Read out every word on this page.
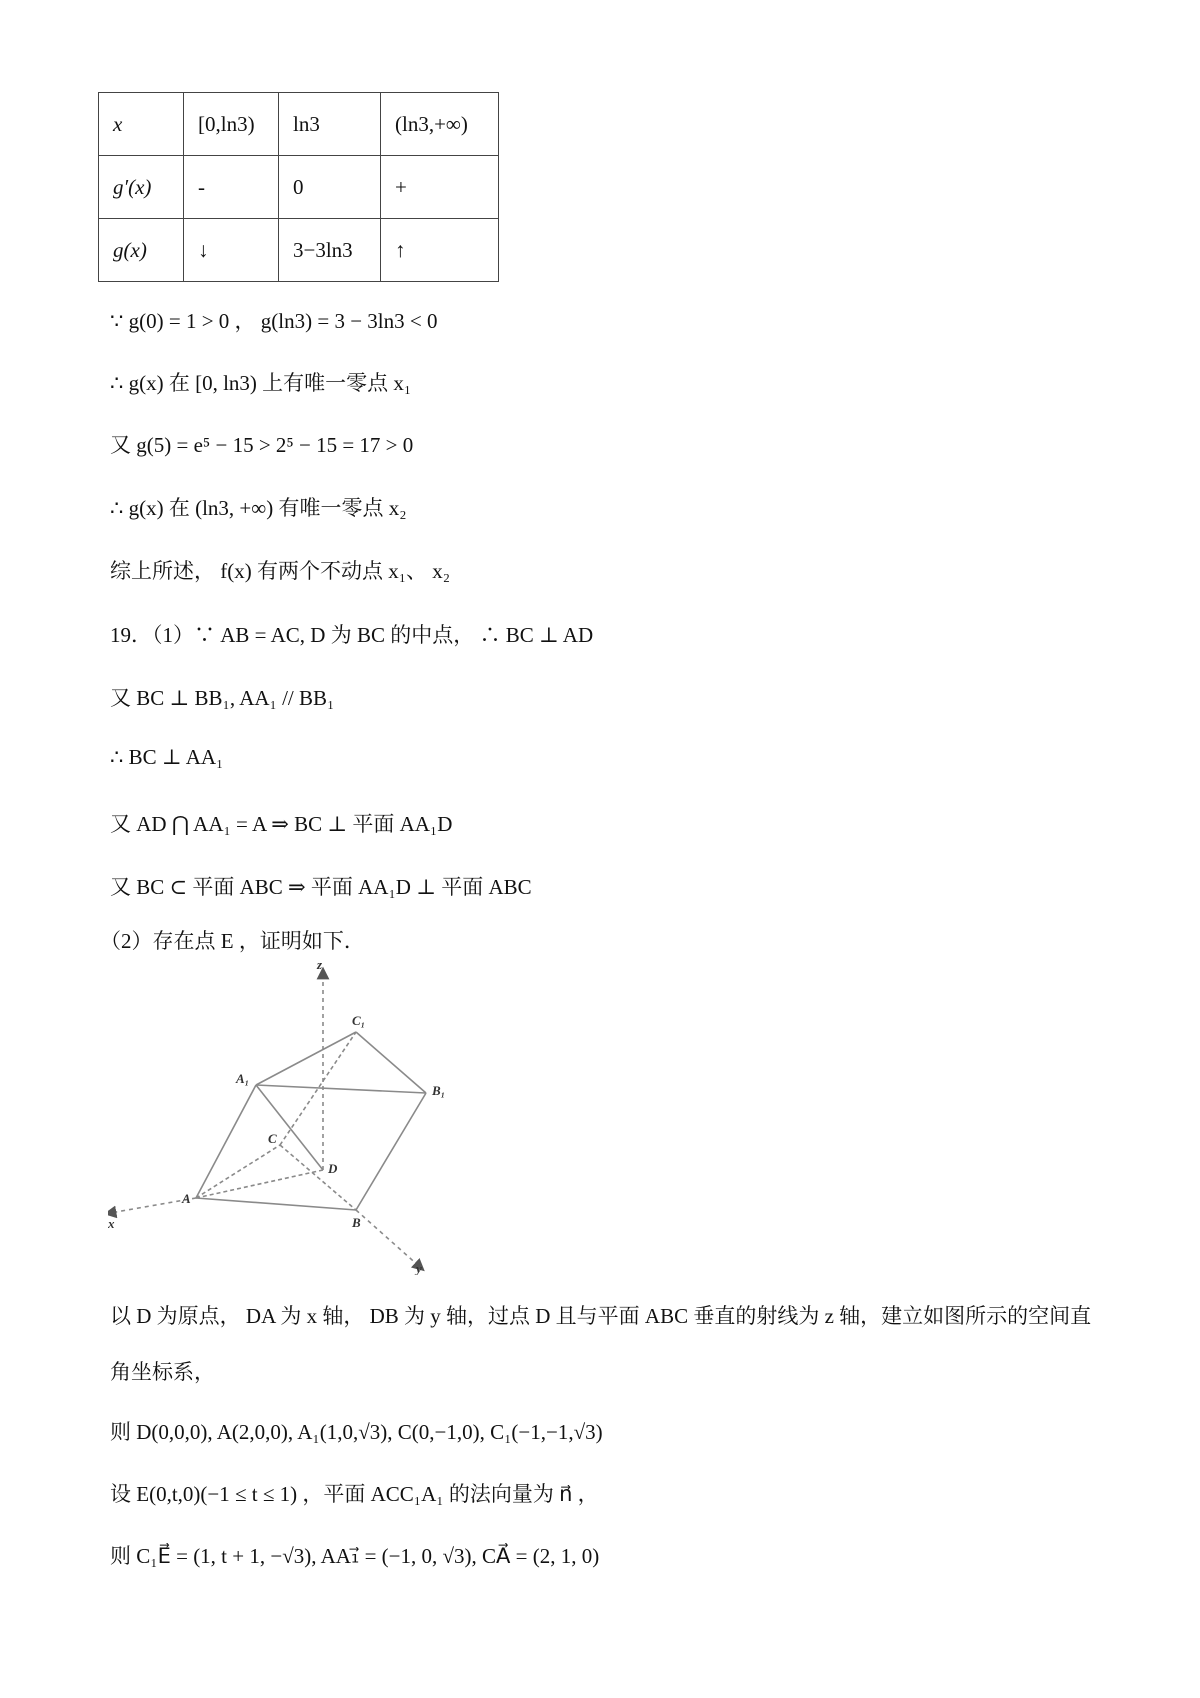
x	[0,ln3)	ln3	(ln3,+∞)
g′(x)	-	0	+
g(x)	↓	3−3ln3	↑
∵ g(0) = 1 > 0 ， g(ln3) = 3 − 3ln3 < 0
∴ g(x) 在 [0, ln3) 上有唯一零点 x₁
又 g(5) = e⁵ − 15 > 2⁵ − 15 = 17 > 0
∴ g(x) 在 (ln3, +∞) 有唯一零点 x₂
综上所述， f(x) 有两个不动点 x₁、 x₂
19．（1）∵ AB = AC, D 为 BC 的中点， ∴ BC ⊥ AD
又 BC ⊥ BB₁, AA₁ // BB₁
∴ BC ⊥ AA₁
又 AD ⋂ AA₁ = A ⇒ BC ⊥ 平面 AA₁D
又 BC ⊂ 平面 ABC ⇒ 平面 AA₁D ⊥ 平面 ABC
（2）存在点 E ，证明如下．
z
x
y
A
B
C
D
A₁
B₁
C₁
以 D 为原点， DA 为 x 轴， DB 为 y 轴，过点 D 且与平面 ABC 垂直的射线为 z 轴，建立如图所示的空间直
角坐标系，
则 D(0,0,0), A(2,0,0), A₁(1,0,√3), C(0,−1,0), C₁(−1,−1,√3)
设 E(0,t,0)(−1 ≤ t ≤ 1) ，平面 ACC₁A₁ 的法向量为 n⃗ ，
则 C₁E⃗ = (1, t + 1, −√3), AA₁⃗ = (−1, 0, √3), CA⃗ = (2, 1, 0)
